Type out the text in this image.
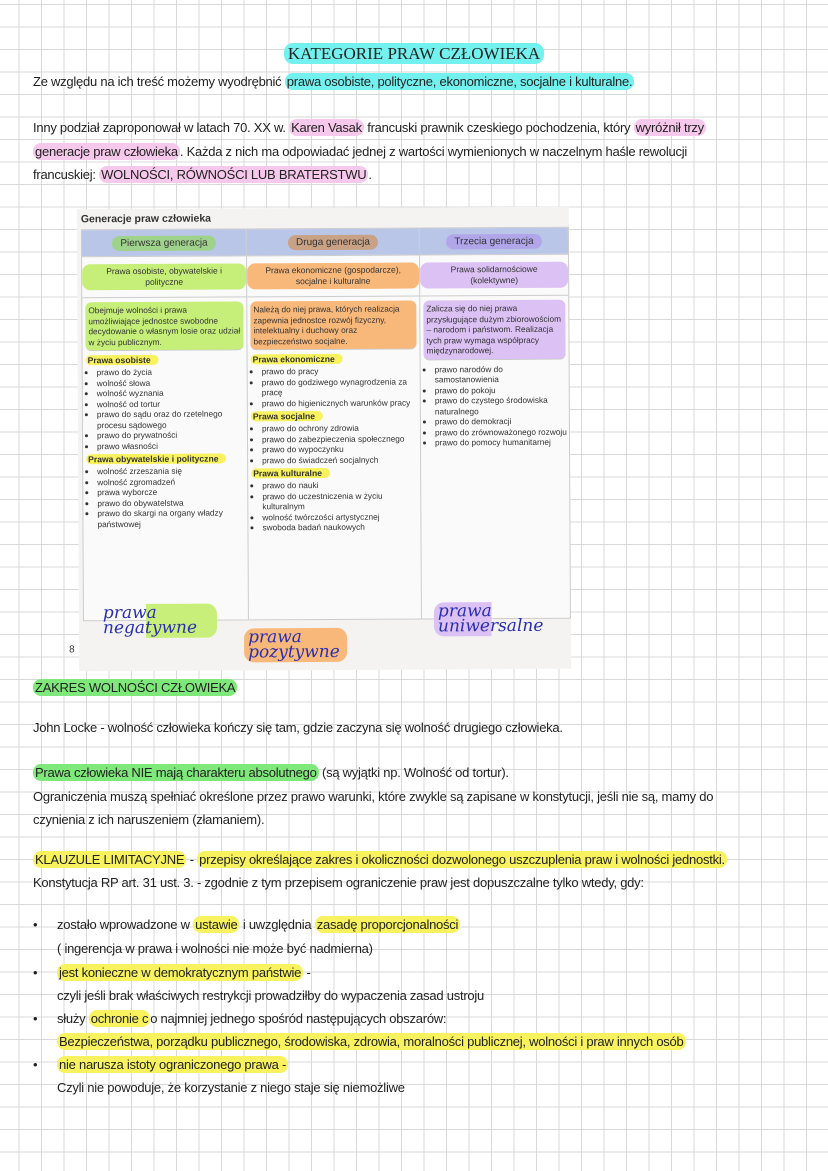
KATEGORIE PRAW CZŁOWIEKA
Ze względu na ich treść możemy wyodrębnić prawa osobiste, polityczne, ekonomiczne, socjalne i kulturalne.
Inny podział zaproponował w latach 70. XX w. Karen Vasak francuski prawnik czeskiego pochodzenia, który wyróżnił trzy
generacje praw człowieka . Każda z nich ma odpowiadać jednej z wartości wymienionych w naczelnym haśle rewolucji
francuskiej: WOLNOŚCI, RÓWNOŚCI LUB BRATERSTWU .
Generacje praw człowieka
Pierwsza generacja
Prawa osobiste, obywatelskie i polityczne
Obejmuje wolności i prawa umożliwiające jednostce swobodne decydowanie o własnym losie oraz udział w życiu publicznym.
Prawa osobiste
• prawo do życia
• wolność słowa
• wolność wyznania
• wolność od tortur
• prawo do sądu oraz do rzetelnego procesu sądowego
• prawo do prywatności
• prawo własności
Prawa obywatelskie i polityczne
• wolność zrzeszania się
• wolność zgromadzeń
• prawa wyborcze
• prawo do obywatelstwa
• prawo do skargi na organy władzy państwowej
Druga generacja
Prawa ekonomiczne (gospodarcze), socjalne i kulturalne
Należą do niej prawa, których realizacja zapewnia jednostce rozwój fizyczny, intelektualny i duchowy oraz bezpieczeństwo socjalne.
Prawa ekonomiczne
• prawo do pracy
• prawo do godziwego wynagrodzenia za pracę
• prawo do higienicznych warunków pracy
Prawa socjalne
• prawo do ochrony zdrowia
• prawo do zabezpieczenia społecznego
• prawo do wypoczynku
• prawo do świadczeń socjalnych
Prawa kulturalne
• prawo do nauki
• prawo do uczestniczenia w życiu kulturalnym
• wolność twórczości artystycznej
• swoboda badań naukowych
Trzecia generacja
Prawa solidarnościowe (kolektywne)
Zalicza się do niej prawa przysługujące dużym zbiorowościom – narodom i państwom. Realizacja tych praw wymaga współpracy międzynarodowej.
• prawo narodów do samostanowienia
• prawo do pokoju
• prawo do czystego środowiska naturalnego
• prawo do demokracji
• prawo do zrównoważonego rozwoju
• prawo do pomocy humanitarnej
8
prawa negatywne	prawa pozytywne
prawa uniwersalne
ZAKRES WOLNOŚCI CZŁOWIEKA
John Locke - wolność człowieka kończy się tam, gdzie zaczyna się wolność drugiego człowieka.
Prawa człowieka NIE mają charakteru absolutnego (są wyjątki np. Wolność od tortur).
Ograniczenia muszą spełniać określone przez prawo warunki, które zwykle są zapisane w konstytucji, jeśli nie są, mamy do
czynienia z ich naruszeniem (złamaniem).
KLAUZULE LIMITACYJNE - przepisy określające zakres i okoliczności dozwolonego uszczuplenia praw i wolności jednostki.
Konstytucja RP art. 31 ust. 3. - zgodnie z tym przepisem ograniczenie praw jest dopuszczalne tylko wtedy, gdy:
• zostało wprowadzone w ustawie i uwzględnia zasadę proporcjonalności
( ingerencja w prawa i wolności nie może być nadmierna)
• jest konieczne w demokratycznym państwie -
czyli jeśli brak właściwych restrykcji prowadziłby do wypaczenia zasad ustroju
• służy ochronie c o najmniej jednego spośród następujących obszarów:
Bezpieczeństwa, porządku publicznego, środowiska, zdrowia, moralności publicznej, wolności i praw innych osób
• nie narusza istoty ograniczonego prawa -
Czyli nie powoduje, że korzystanie z niego staje się niemożliwe
